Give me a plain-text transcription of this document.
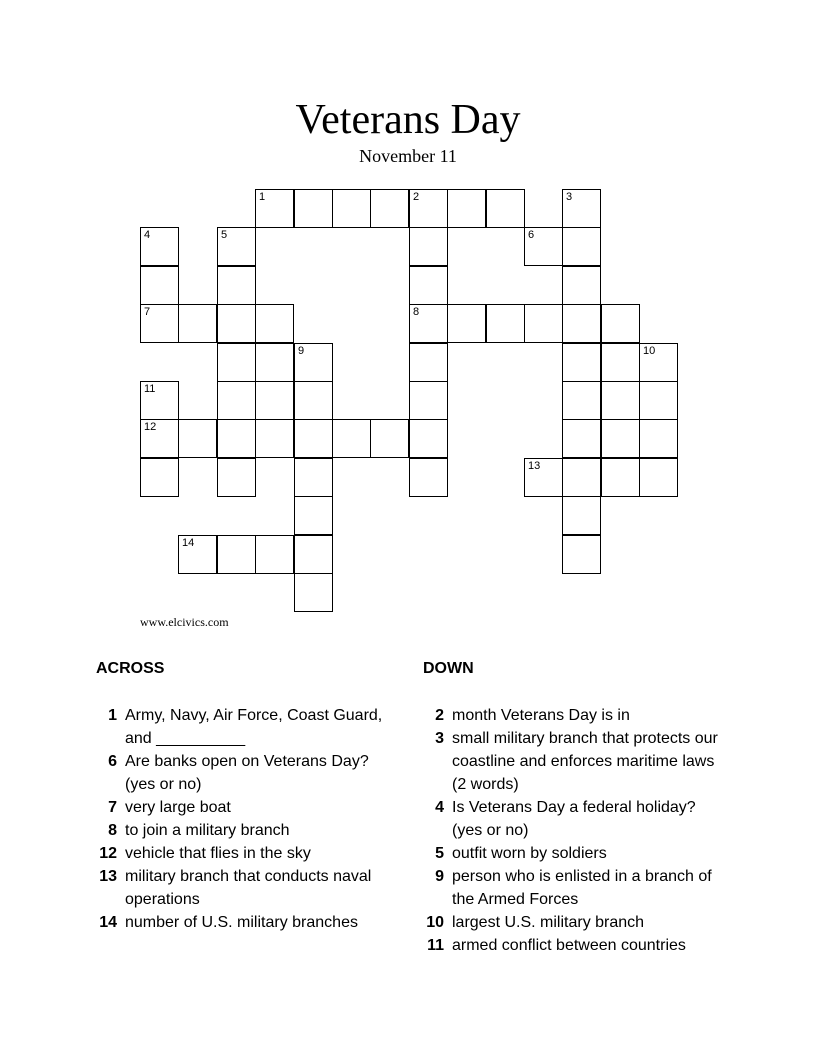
Veterans Day
November 11
1	2	3
4	5	6
7	8
9	10
11
12
13
14
www.elcivics.com
ACROSS	DOWN
1 Army, Navy, Air Force, Coast Guard, and __________
6 Are banks open on Veterans Day? (yes or no)
7 very large boat
8 to join a military branch
12 vehicle that flies in the sky
13 military branch that conducts naval operations
14 number of U.S. military branches
2 month Veterans Day is in
3 small military branch that protects our coastline and enforces maritime laws (2 words)
4 Is Veterans Day a federal holiday? (yes or no)
5 outfit worn by soldiers
9 person who is enlisted in a branch of the Armed Forces
10 largest U.S. military branch
11 armed conflict between countries
